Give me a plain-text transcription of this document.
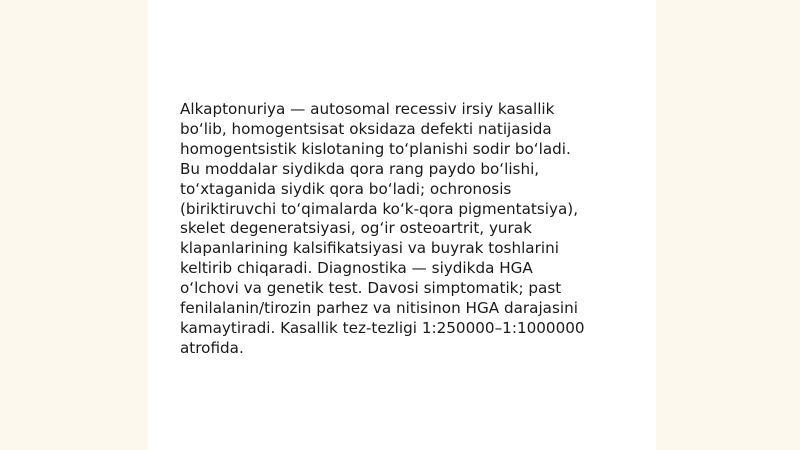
Alkaptonuriya — autosomal recessiv irsiy kasallik
bo‘lib, homogentsisat oksidaza defekti natijasida
homogentsistik kislotaning to‘planishi sodir bo‘ladi.
Bu moddalar siydikda qora rang paydo bo‘lishi,
to‘xtaganida siydik qora bo‘ladi; ochronosis
(biriktiruvchi to‘qimalarda ko‘k-qora pigmentatsiya),
skelet degeneratsiyasi, og‘ir osteoartrit, yurak
klapanlarining kalsifikatsiyasi va buyrak toshlarini
keltirib chiqaradi. Diagnostika — siydikda HGA
o‘lchovi va genetik test. Davosi simptomatik; past
fenilalanin/tirozin parhez va nitisinon HGA darajasini
kamaytiradi. Kasallik tez-tezligi 1:250000–1:1000000
atrofida.
